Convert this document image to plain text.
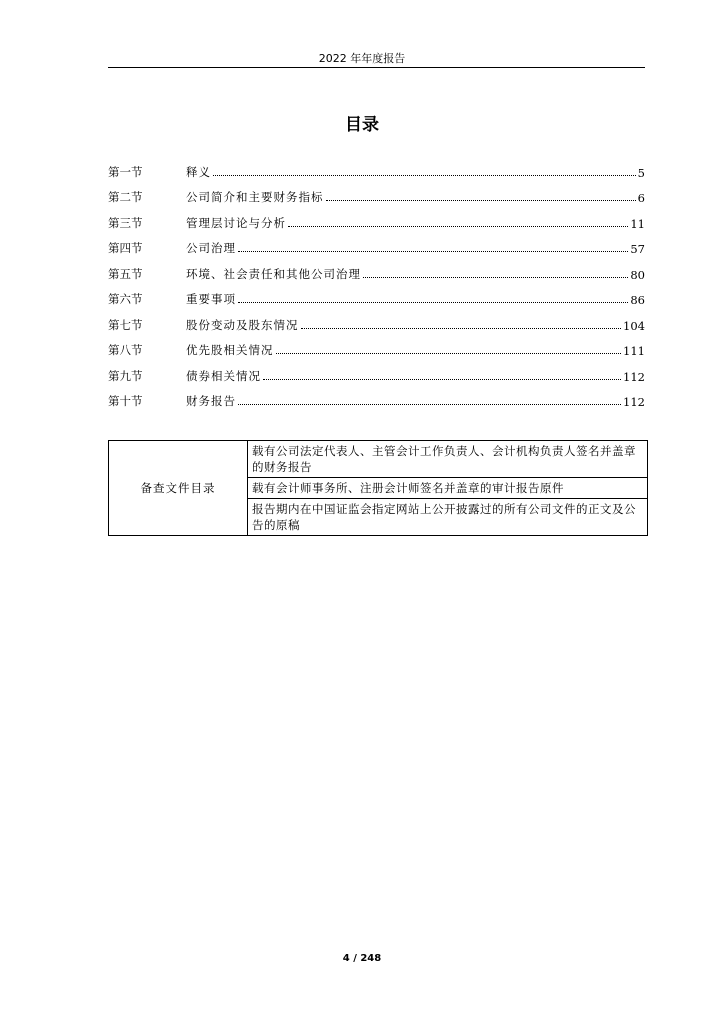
2022 年年度报告
目录
第一节	释义	5
第二节	公司简介和主要财务指标	6
第三节	管理层讨论与分析	11
第四节	公司治理	57
第五节	环境、社会责任和其他公司治理	80
第六节	重要事项	86
第七节	股份变动及股东情况	104
第八节	优先股相关情况	111
第九节	债券相关情况	112
第十节	财务报告	112
备查文件目录	载有公司法定代表人、主管会计工作负责人、会计机构负责人签名并盖章的财务报告
载有会计师事务所、注册会计师签名并盖章的审计报告原件
报告期内在中国证监会指定网站上公开披露过的所有公司文件的正文及公告的原稿
4 / 248
